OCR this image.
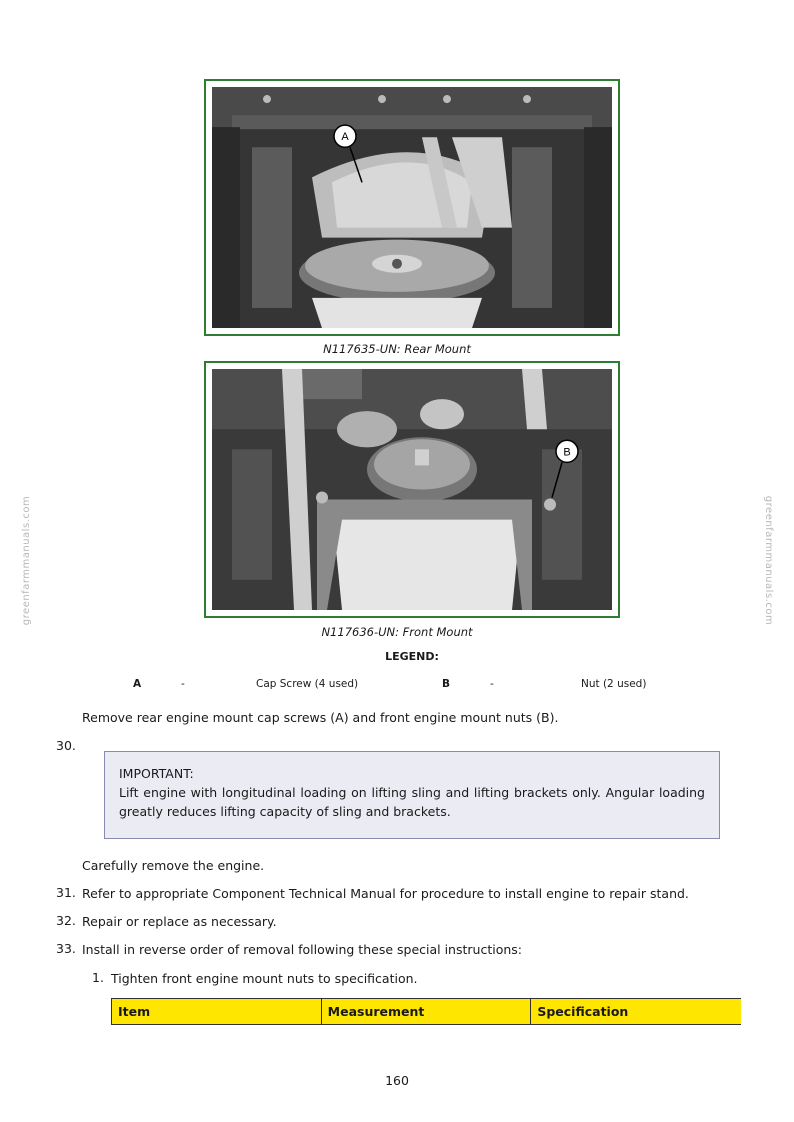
greenfarmmanuals.com	greenfarmmanuals.com
A
N117635-UN: Rear Mount
B
N117636-UN: Front Mount
LEGEND:
A	-	Cap Screw (4 used)	B	-	Nut (2 used)
Remove rear engine mount cap screws (A) and front engine mount nuts (B).
30.
IMPORTANT:
Lift engine with longitudinal loading on lifting sling and lifting brackets only. Angular loading greatly reduces lifting capacity of sling and brackets.
Carefully remove the engine.
31. Refer to appropriate Component Technical Manual for procedure to install engine to repair stand.
32. Repair or replace as necessary.
33. Install in reverse order of removal following these special instructions:
1. Tighten front engine mount nuts to specification.
Item	Measurement	Specification
160
